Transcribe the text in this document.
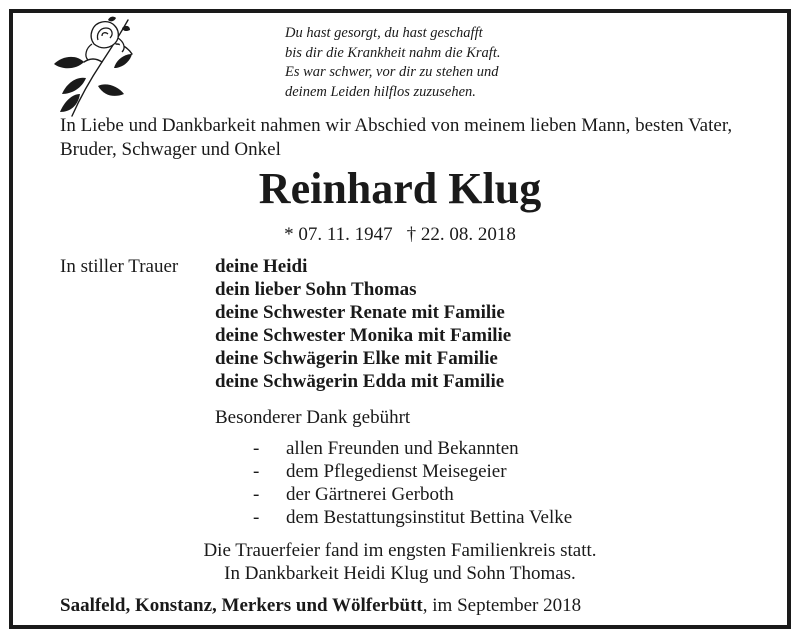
Du hast gesorgt, du hast geschafft
bis dir die Krankheit nahm die Kraft.
Es war schwer, vor dir zu stehen und
deinem Leiden hilflos zuzusehen.
In Liebe und Dankbarkeit nahmen wir Abschied von meinem lieben Mann, besten Vater, Bruder, Schwager und Onkel
Reinhard Klug
* 07. 11. 1947 † 22. 08. 2018
In stiller Trauer deine Heidi
dein lieber Sohn Thomas
deine Schwester Renate mit Familie
deine Schwester Monika mit Familie
deine Schwägerin Elke mit Familie
deine Schwägerin Edda mit Familie
Besonderer Dank gebührt
-	allen Freunden und Bekannten
-	dem Pflegedienst Meisegeier
-	der Gärtnerei Gerboth
-	dem Bestattungsinstitut Bettina Velke
Die Trauerfeier fand im engsten Familienkreis statt.
In Dankbarkeit Heidi Klug und Sohn Thomas.
Saalfeld, Konstanz, Merkers und Wölferbütt, im September 2018
